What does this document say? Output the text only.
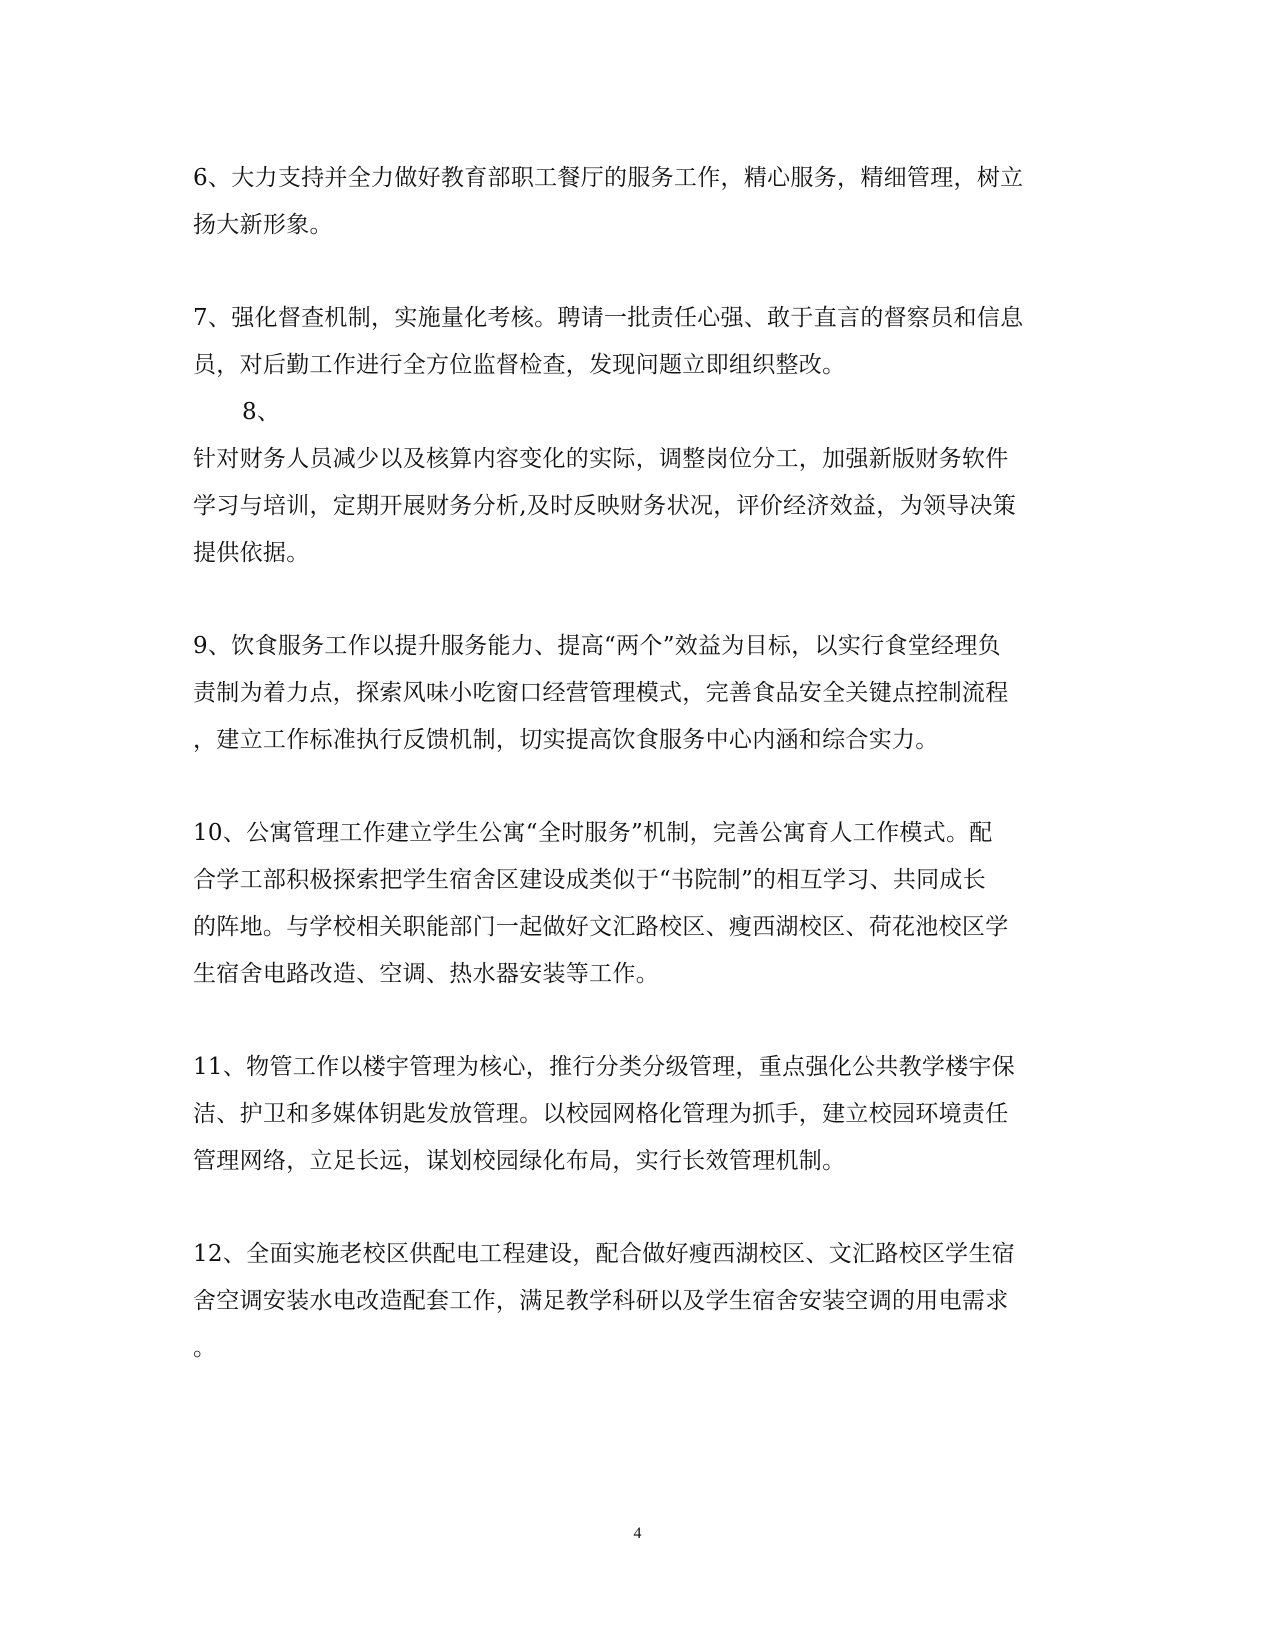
6、大力支持并全力做好教育部职工餐厅的服务工作，精心服务，精细管理，树立
扬大新形象。
7、强化督查机制，实施量化考核。聘请一批责任心强、敢于直言的督察员和信息
员，对后勤工作进行全方位监督检查，发现问题立即组织整改。
8、
针对财务人员减少以及核算内容变化的实际，调整岗位分工，加强新版财务软件
学习与培训，定期开展财务分析,及时反映财务状况，评价经济效益，为领导决策
提供依据。
9、饮食服务工作以提升服务能力、提高“两个”效益为目标，以实行食堂经理负
责制为着力点，探索风味小吃窗口经营管理模式，完善食品安全关键点控制流程
，建立工作标准执行反馈机制，切实提高饮食服务中心内涵和综合实力。
10、公寓管理工作建立学生公寓“全时服务”机制，完善公寓育人工作模式。配
合学工部积极探索把学生宿舍区建设成类似于“书院制”的相互学习、共同成长
的阵地。与学校相关职能部门一起做好文汇路校区、瘦西湖校区、荷花池校区学
生宿舍电路改造、空调、热水器安装等工作。
11、物管工作以楼宇管理为核心，推行分类分级管理，重点强化公共教学楼宇保
洁、护卫和多媒体钥匙发放管理。以校园网格化管理为抓手，建立校园环境责任
管理网络，立足长远，谋划校园绿化布局，实行长效管理机制。
12、全面实施老校区供配电工程建设，配合做好瘦西湖校区、文汇路校区学生宿
舍空调安装水电改造配套工作，满足教学科研以及学生宿舍安装空调的用电需求
。
4
